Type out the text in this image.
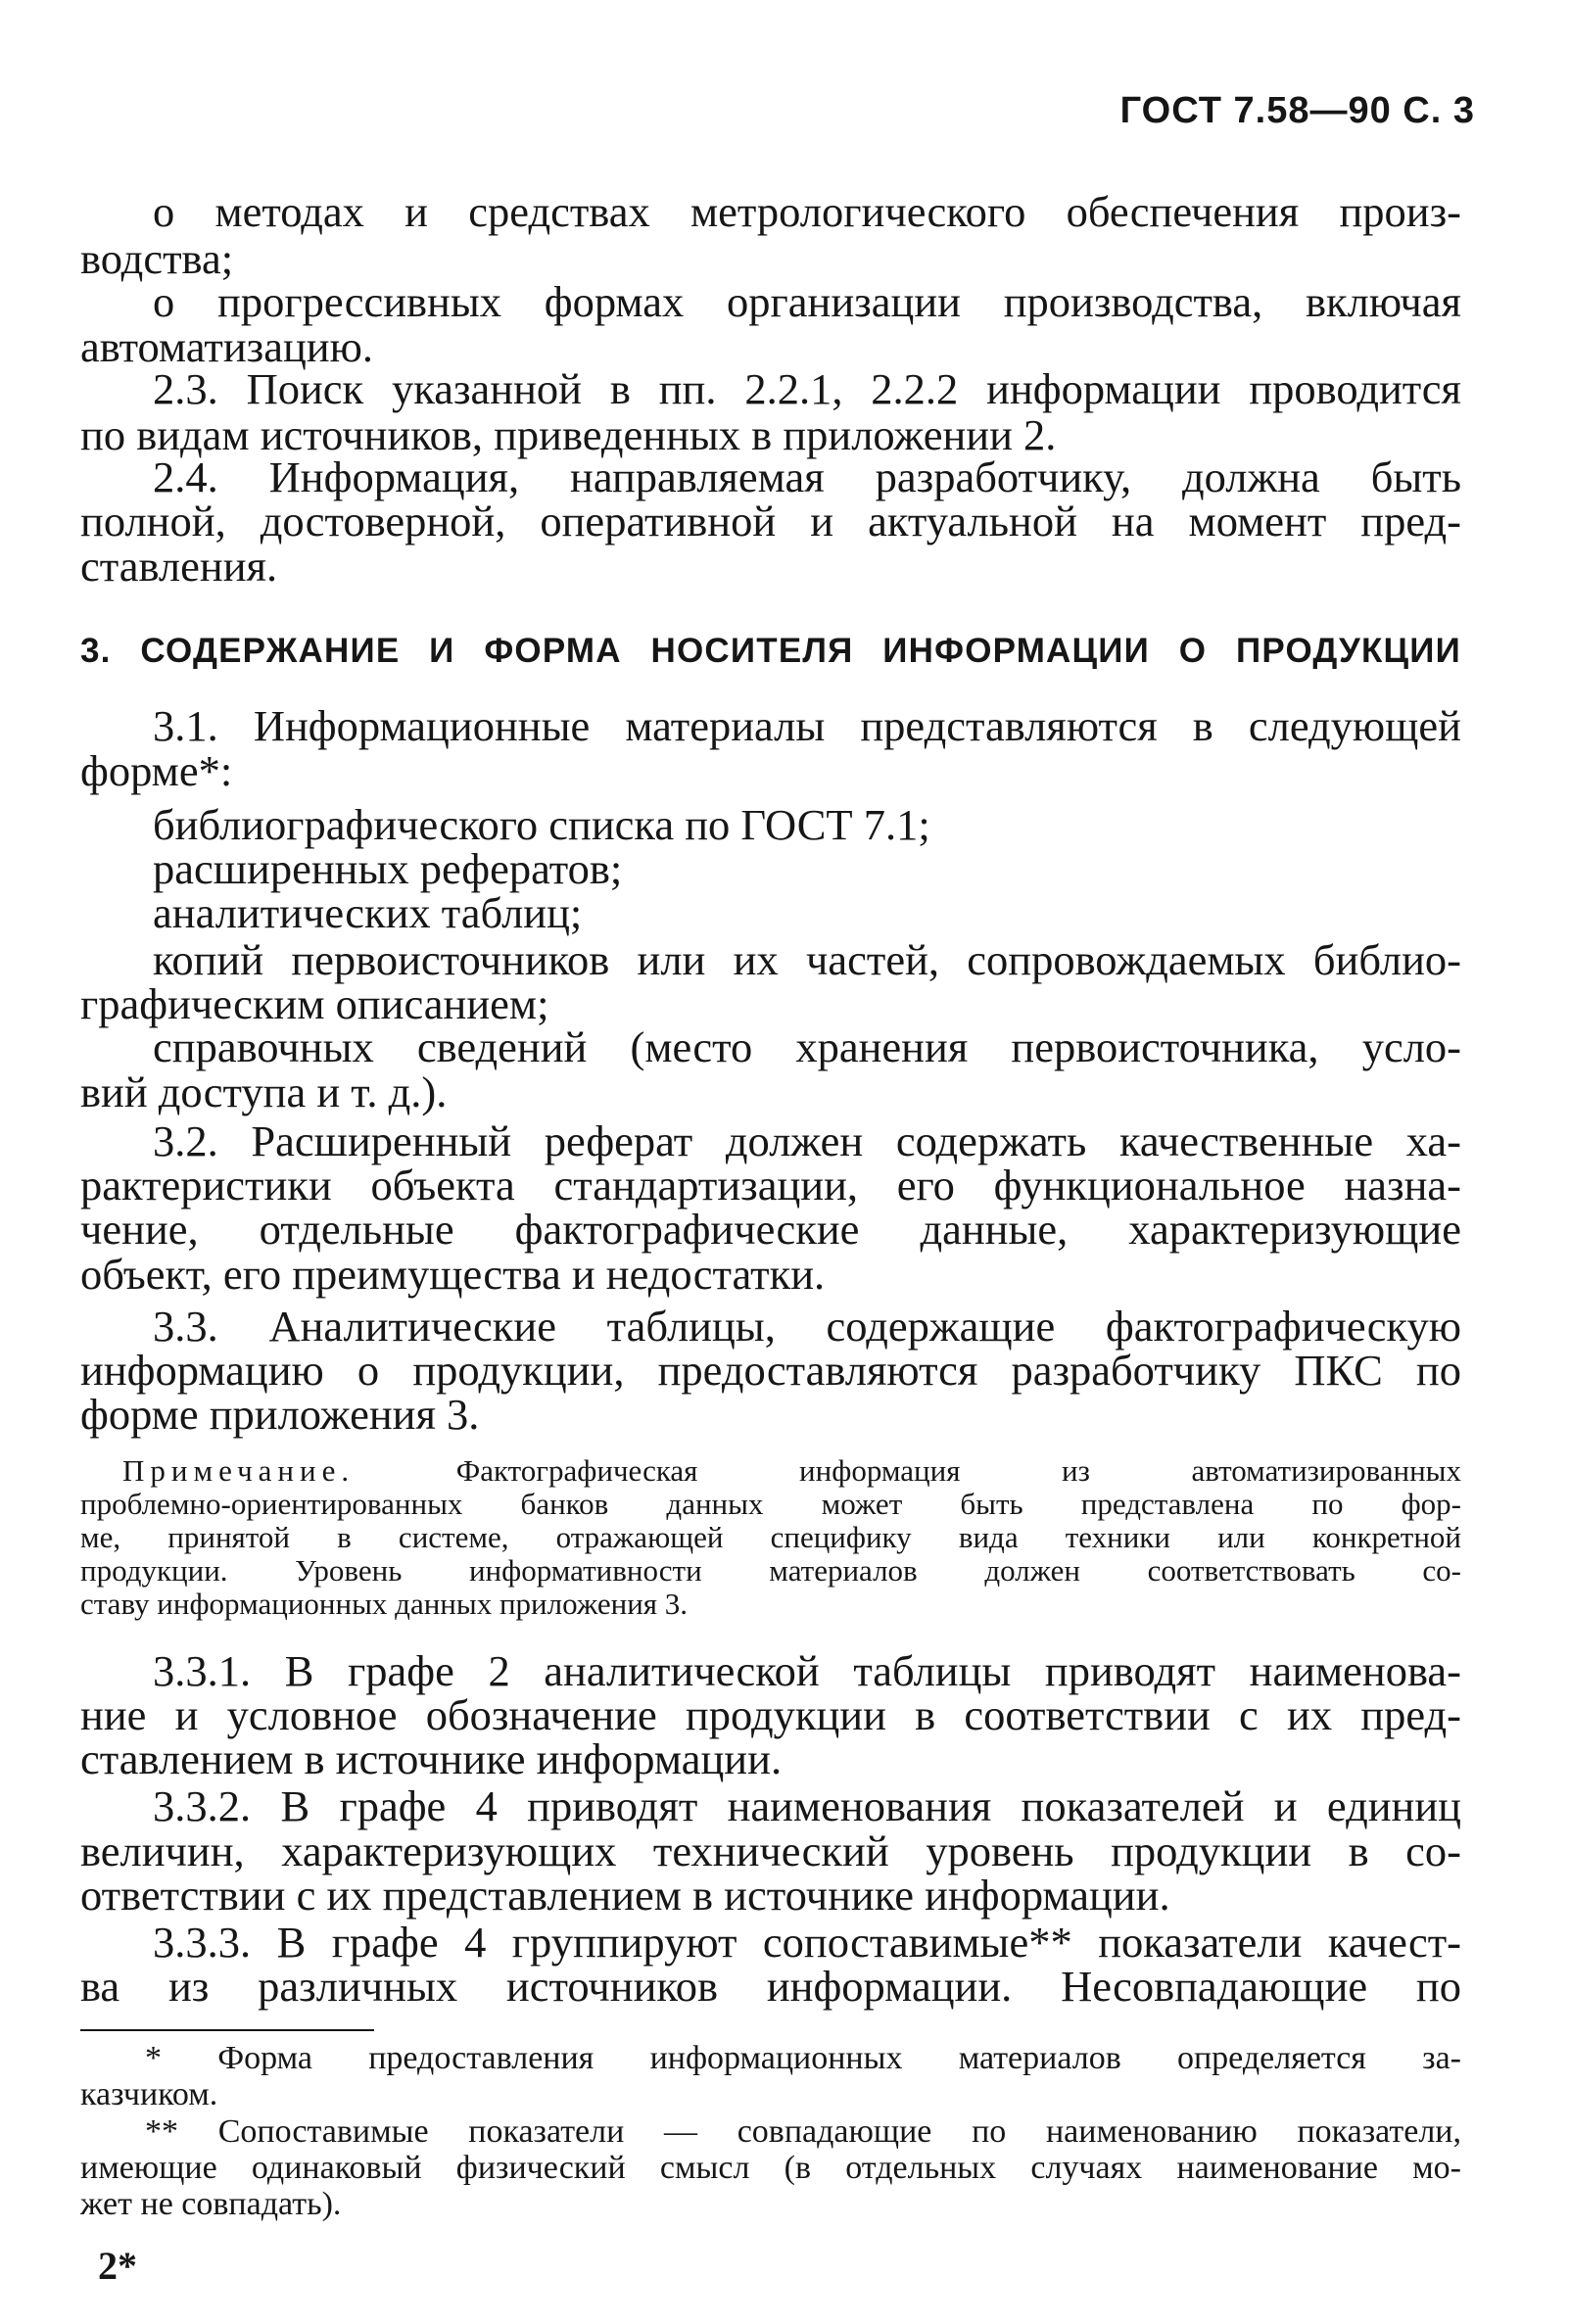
ГОСТ 7.58—90 С. 3
о методах и средствах метрологического обеспечения произ-
водства;
о прогрессивных формах организации производства, включая
автоматизацию.
2.3. Поиск указанной в пп. 2.2.1, 2.2.2 информации проводится
по видам источников, приведенных в приложении 2.
2.4. Информация, направляемая разработчику, должна быть
полной, достоверной, оперативной и актуальной на момент пред-
ставления.
3. СОДЕРЖАНИЕ И ФОРМА НОСИТЕЛЯ ИНФОРМАЦИИ О ПРОДУКЦИИ
3.1. Информационные материалы представляются в следующей
форме*:
библиографического списка по ГОСТ 7.1;
расширенных рефератов;
аналитических таблиц;
копий первоисточников или их частей, сопровождаемых библио-
графическим описанием;
справочных сведений (место хранения первоисточника, усло-
вий доступа и т. д.).
3.2. Расширенный реферат должен содержать качественные ха-
рактеристики объекта стандартизации, его функциональное назна-
чение, отдельные фактографические данные, характеризующие
объект, его преимущества и недостатки.
3.3. Аналитические таблицы, содержащие фактографическую
информацию о продукции, предоставляются разработчику ПКС по
форме приложения 3.
Примечание.	Фактографическая информация из автоматизированных
проблемно-ориентированных банков данных может быть представлена по фор-
ме, принятой в системе, отражающей специфику вида техники или конкретной
продукции. Уровень информативности материалов должен соответствовать со-
ставу информационных данных приложения 3.
3.3.1. В графе 2 аналитической таблицы приводят наименова-
ние и условное обозначение продукции в соответствии с их пред-
ставлением в источнике информации.
3.3.2. В графе 4 приводят наименования показателей и единиц
величин, характеризующих технический уровень продукции в со-
ответствии с их представлением в источнике информации.
3.3.3. В графе 4 группируют сопоставимые** показатели качест-
ва из различных источников информации. Несовпадающие по
* Форма предоставления информационных материалов определяется за-
казчиком.
** Сопоставимые показатели — совпадающие по наименованию показатели,
имеющие одинаковый физический смысл (в отдельных случаях наименование мо-
жет не совпадать).
2*
